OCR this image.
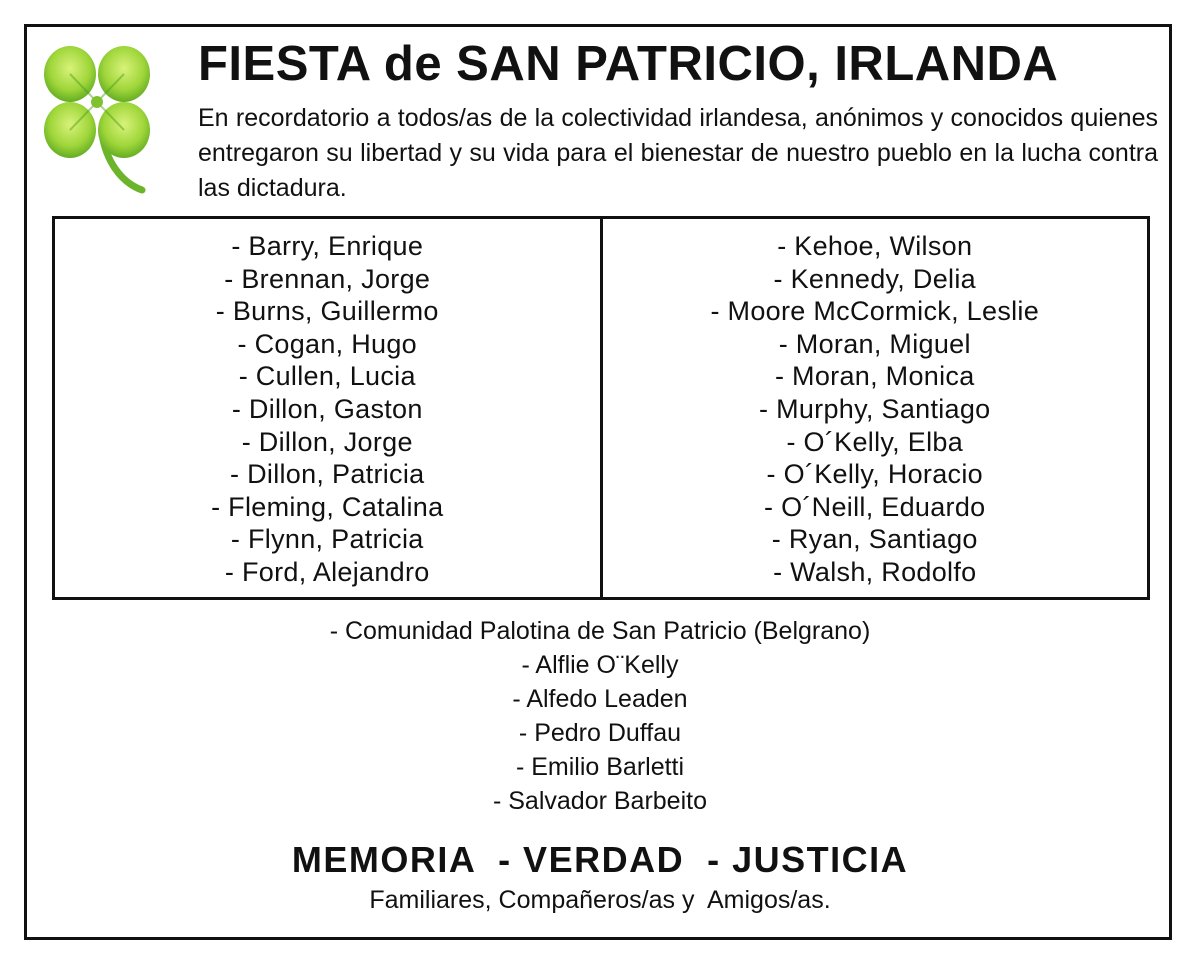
FIESTA de SAN PATRICIO, IRLANDA

En recordatorio a todos/as de la colectividad irlandesa, anónimos y conocidos quienes entregaron su libertad y su vida para el bienestar de nuestro pueblo en la lucha contra las dictadura.

- Barry, Enrique
- Brennan, Jorge
- Burns, Guillermo
- Cogan, Hugo
- Cullen, Lucia
- Dillon, Gaston
- Dillon, Jorge
- Dillon, Patricia
- Fleming, Catalina
- Flynn, Patricia
- Ford, Alejandro
- Kehoe, Wilson
- Kennedy, Delia
- Moore McCormick, Leslie
- Moran, Miguel
- Moran, Monica
- Murphy, Santiago
- O´Kelly, Elba
- O´Kelly, Horacio
- O´Neill, Eduardo
- Ryan, Santiago
- Walsh, Rodolfo
- Comunidad Palotina de San Patricio (Belgrano)
- Alflie O¨Kelly
- Alfedo Leaden
- Pedro Duffau
- Emilio Barletti
- Salvador Barbeito

MEMORIA  - VERDAD  - JUSTICIA

Familiares, Compañeros/as y  Amigos/as.
